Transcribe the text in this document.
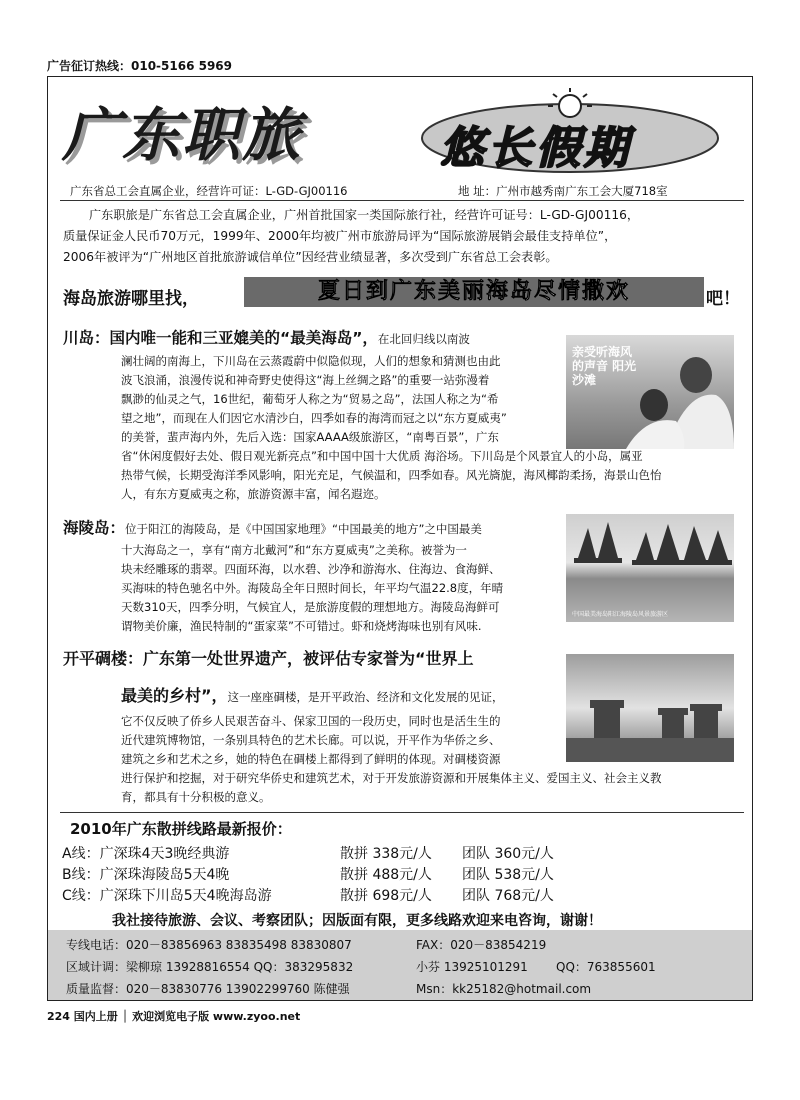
广告征订热线：010-5166 5969
广东职旅	悠长假期
广东省总工会直属企业，经营许可证：L-GD-GJ00116	地 址：广州市越秀南广东工会大厦718室
广东职旅是广东省总工会直属企业，广州首批国家一类国际旅行社，经营许可证号：L-GD-GJ00116，
质量保证金人民币70万元，1999年、2000年均被广州市旅游局评为“国际旅游展销会最佳支持单位”，
2006年被评为“广州地区首批旅游诚信单位”因经营业绩显著，多次受到广东省总工会表彰。
海岛旅游哪里找，	夏日到广东美丽海岛尽情撒欢	吧！
川岛：国内唯一能和三亚媲美的“最美海岛”，在北回归线以南波
澜壮阔的南海上，下川岛在云蒸霞蔚中似隐似现，人们的想象和猜测也由此
波飞浪涌，浪漫传说和神奇野史使得这“海上丝绸之路”的重要一站弥漫着
飘渺的仙灵之气，16世纪，葡萄牙人称之为“贸易之岛”，法国人称之为“希
望之地”，而现在人们因它水清沙白，四季如春的海湾而冠之以“东方夏威夷”
的美誉，蜚声海内外，先后入选：国家AAAA级旅游区，“南粤百景”，广东
省“休闲度假好去处、假日观光新亮点”和中国中国十大优质 海浴场。下川岛是个风景宜人的小岛，属亚
热带气候，长期受海洋季风影响，阳光充足，气候温和，四季如春。风光旖旎，海风椰韵柔扬，海景山色怡
人，有东方夏威夷之称，旅游资源丰富，闻名遐迩。
亲受听海风的声音 阳光沙滩
海陵岛：位于阳江的海陵岛，是《中国国家地理》“中国最美的地方”之中国最美
十大海岛之一，享有“南方北戴河”和“东方夏威夷”之美称。被誉为一
块未经雕琢的翡翠。四面环海，以水碧、沙净和游海水、住海边、食海鲜、
买海味的特色驰名中外。海陵岛全年日照时间长，年平均气温22.8度，年晴
天数310天，四季分明，气候宜人，是旅游度假的理想地方。海陵岛海鲜可
谓物美价廉，渔民特制的“蛋家菜”不可错过。虾和烧烤海味也别有风味.
中国最美海岛阳江海陵岛风景旅游区
开平碉楼：广东第一处世界遗产，被评估专家誉为“世界上
最美的乡村”，这一座座碉楼，是开平政治、经济和文化发展的见证，
它不仅反映了侨乡人民艰苦奋斗、保家卫国的一段历史，同时也是活生生的
近代建筑博物馆，一条别具特色的艺术长廊。可以说，开平作为华侨之乡、
建筑之乡和艺术之乡，她的特色在碉楼上都得到了鲜明的体现。对碉楼资源
进行保护和挖掘，对于研究华侨史和建筑艺术，对于开发旅游资源和开展集体主义、爱国主义、社会主义教
育，都具有十分积极的意义。
2010年广东散拼线路最新报价：
A线：广深珠4天3晚经典游	散拼 338元/人 团队 360元/人
B线：广深珠海陵岛5天4晚	散拼 488元/人 团队 538元/人
C线：广深珠下川岛5天4晚海岛游	散拼 698元/人 团队 768元/人
我社接待旅游、会议、考察团队；因版面有限，更多线路欢迎来电咨询，谢谢！
专线电话：020－83856963 83835498 83830807	FAX：020－83854219
区域计调：梁柳琼 13928816554 QQ：383295832	小芬 13925101291 QQ：763855601
质量监督：020－83830776 13902299760 陈健强	Msn：kk25182@hotmail.com
224 国内上册 │ 欢迎浏览电子版 www.zyoo.net
